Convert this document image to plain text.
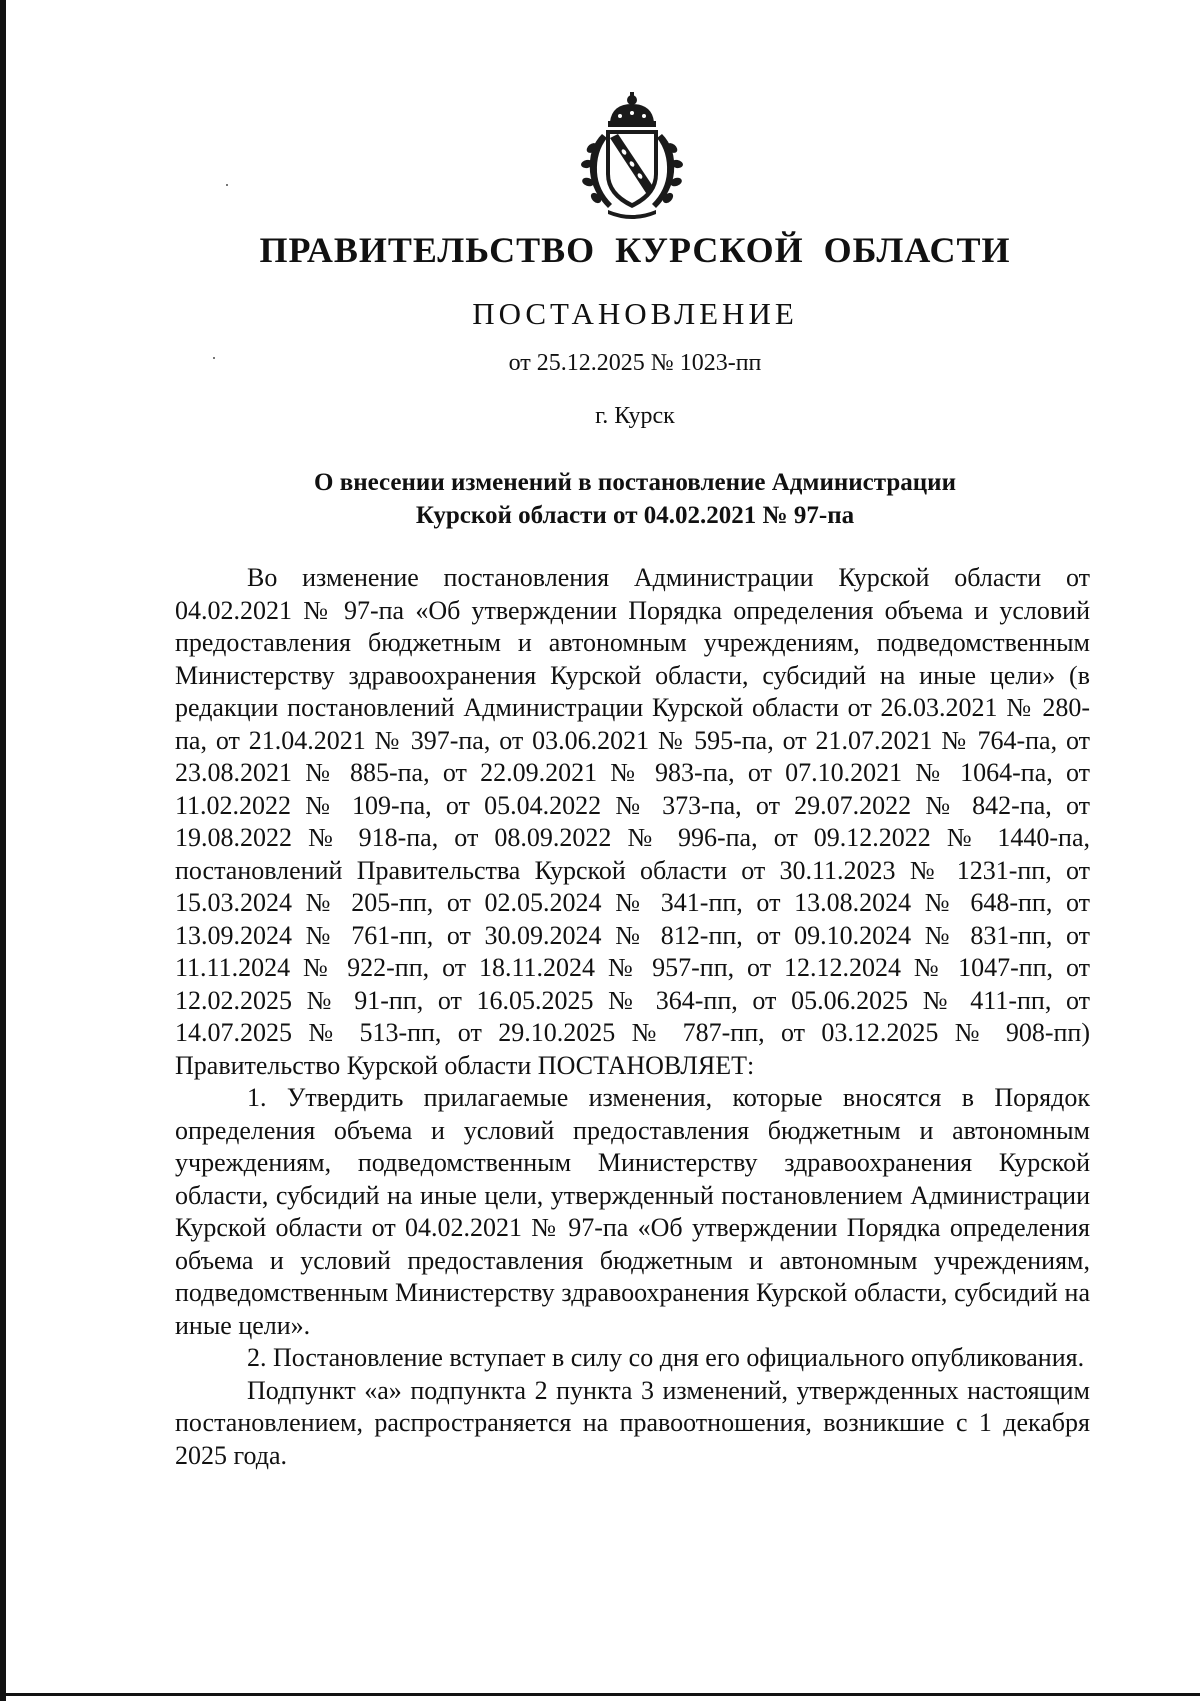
ПРАВИТЕЛЬСТВО КУРСКОЙ ОБЛАСТИ
ПОСТАНОВЛЕНИЕ
от 25.12.2025 № 1023-пп
г. Курск
О внесении изменений в постановление Администрации
Курской области от 04.02.2021 № 97-па

Во изменение постановления Администрации Курской области от 04.02.2021 № 97-па «Об утверждении Порядка определения объема и условий предоставления бюджетным и автономным учреждениям, подведомственным Министерству здравоохранения Курской области, субсидий на иные цели» (в редакции постановлений Администрации Курской области от 26.03.2021 № 280-па, от 21.04.2021 № 397-па, от 03.06.2021 № 595-па, от 21.07.2021 № 764-па, от 23.08.2021 № 885-па, от 22.09.2021 № 983-па, от 07.10.2021 № 1064-па, от 11.02.2022 № 109-па, от 05.04.2022 № 373-па, от 29.07.2022 № 842-па, от 19.08.2022 № 918-па, от 08.09.2022 № 996-па, от 09.12.2022 № 1440-па, постановлений Правительства Курской области от 30.11.2023 № 1231-пп, от 15.03.2024 № 205-пп, от 02.05.2024 № 341-пп, от 13.08.2024 № 648-пп, от 13.09.2024 № 761-пп, от 30.09.2024 № 812-пп, от 09.10.2024 № 831-пп, от 11.11.2024 № 922-пп, от 18.11.2024 № 957-пп, от 12.12.2024 № 1047-пп, от 12.02.2025 № 91-пп, от 16.05.2025 № 364-пп, от 05.06.2025 № 411-пп, от 14.07.2025 № 513-пп, от 29.10.2025 № 787-пп, от 03.12.2025 № 908-пп) Правительство Курской области ПОСТАНОВЛЯЕТ:

1. Утвердить прилагаемые изменения, которые вносятся в Порядок определения объема и условий предоставления бюджетным и автономным учреждениям, подведомственным Министерству здравоохранения Курской области, субсидий на иные цели, утвержденный постановлением Администрации Курской области от 04.02.2021 № 97-па «Об утверждении Порядка определения объема и условий предоставления бюджетным и автономным учреждениям, подведомственным Министерству здравоохранения Курской области, субсидий на иные цели».

2. Постановление вступает в силу со дня его официального опубликования.

Подпункт «а» подпункта 2 пункта 3 изменений, утвержденных настоящим постановлением, распространяется на правоотношения, возникшие с 1 декабря 2025 года.
